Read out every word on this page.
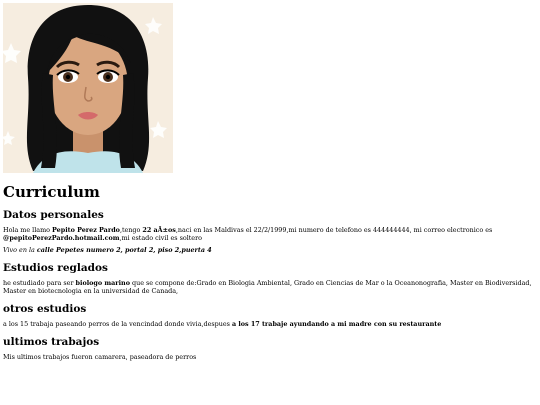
Curriculum
Datos personales

Hola me llamo Pepito Perez Pardo,tengo 22 aÃ±os,naci en las Maldivas el 22/2/1999,mi numero de telefono es 444444444, mi correo electronico es @pepitoPerezPardo.hotmail.com,mi estado civil es soltero

Vivo en la calle Pepetes numero 2, portal 2, piso 2,puerta 4

Estudios reglados

he estudiado para ser biologo marino que se compone de:Grado en Biologia Ambiental, Grado en Ciencias de Mar o la Oceanonografia, Master en Biodiversidad, Master en biotecnologia en la universidad de Canada,

otros estudios

a los 15 trabaja paseando perros de la vencindad donde vivia,despues a los 17 trabaje ayundando a mi madre con su restaurante

ultimos trabajos

Mis ultimos trabajos fueron camarera, paseadora de perros
